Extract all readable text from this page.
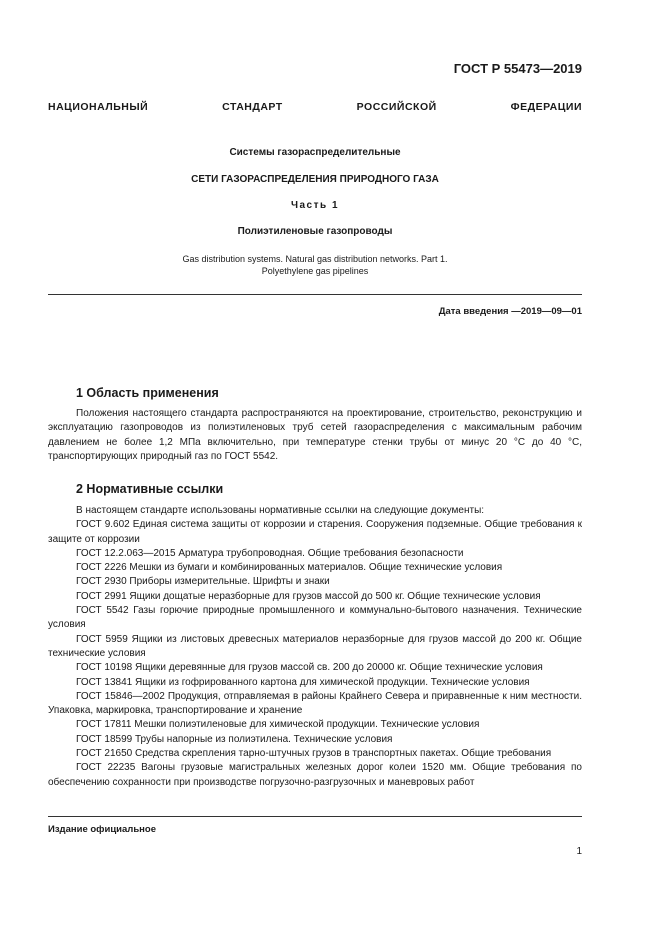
ГОСТ Р 55473—2019
НАЦИОНАЛЬНЫЙ СТАНДАРТ РОССИЙСКОЙ ФЕДЕРАЦИИ
Системы газораспределительные
СЕТИ ГАЗОРАСПРЕДЕЛЕНИЯ ПРИРОДНОГО ГАЗА
Часть 1
Полиэтиленовые газопроводы
Gas distribution systems. Natural gas distribution networks. Part 1.
Polyethylene gas pipelines
Дата введения —2019—09—01
1 Область применения

Положения настоящего стандарта распространяются на проектирование, строительство, реконструкцию и эксплуатацию газопроводов из полиэтиленовых труб сетей газораспределения с максимальным рабочим давлением не более 1,2 МПа включительно, при температуре стенки трубы от минус 20 °С до 40 °С, транспортирующих природный газ по ГОСТ 5542.

2 Нормативные ссылки

В настоящем стандарте использованы нормативные ссылки на следующие документы:

ГОСТ 9.602 Единая система защиты от коррозии и старения. Сооружения подземные. Общие требования к защите от коррозии

ГОСТ 12.2.063—2015 Арматура трубопроводная. Общие требования безопасности

ГОСТ 2226 Мешки из бумаги и комбинированных материалов. Общие технические условия

ГОСТ 2930 Приборы измерительные. Шрифты и знаки

ГОСТ 2991 Ящики дощатые неразборные для грузов массой до 500 кг. Общие технические условия

ГОСТ 5542 Газы горючие природные промышленного и коммунально-бытового назначения. Технические условия

ГОСТ 5959 Ящики из листовых древесных материалов неразборные для грузов массой до 200 кг. Общие технические условия

ГОСТ 10198 Ящики деревянные для грузов массой св. 200 до 20000 кг. Общие технические условия

ГОСТ 13841 Ящики из гофрированного картона для химической продукции. Технические условия

ГОСТ 15846—2002 Продукция, отправляемая в районы Крайнего Севера и приравненные к ним местности. Упаковка, маркировка, транспортирование и хранение

ГОСТ 17811 Мешки полиэтиленовые для химической продукции. Технические условия

ГОСТ 18599 Трубы напорные из полиэтилена. Технические условия

ГОСТ 21650 Средства скрепления тарно-штучных грузов в транспортных пакетах. Общие требования

ГОСТ 22235 Вагоны грузовые магистральных железных дорог колеи 1520 мм. Общие требования по обеспечению сохранности при производстве погрузочно-разгрузочных и маневровых работ

Издание официальное
1
